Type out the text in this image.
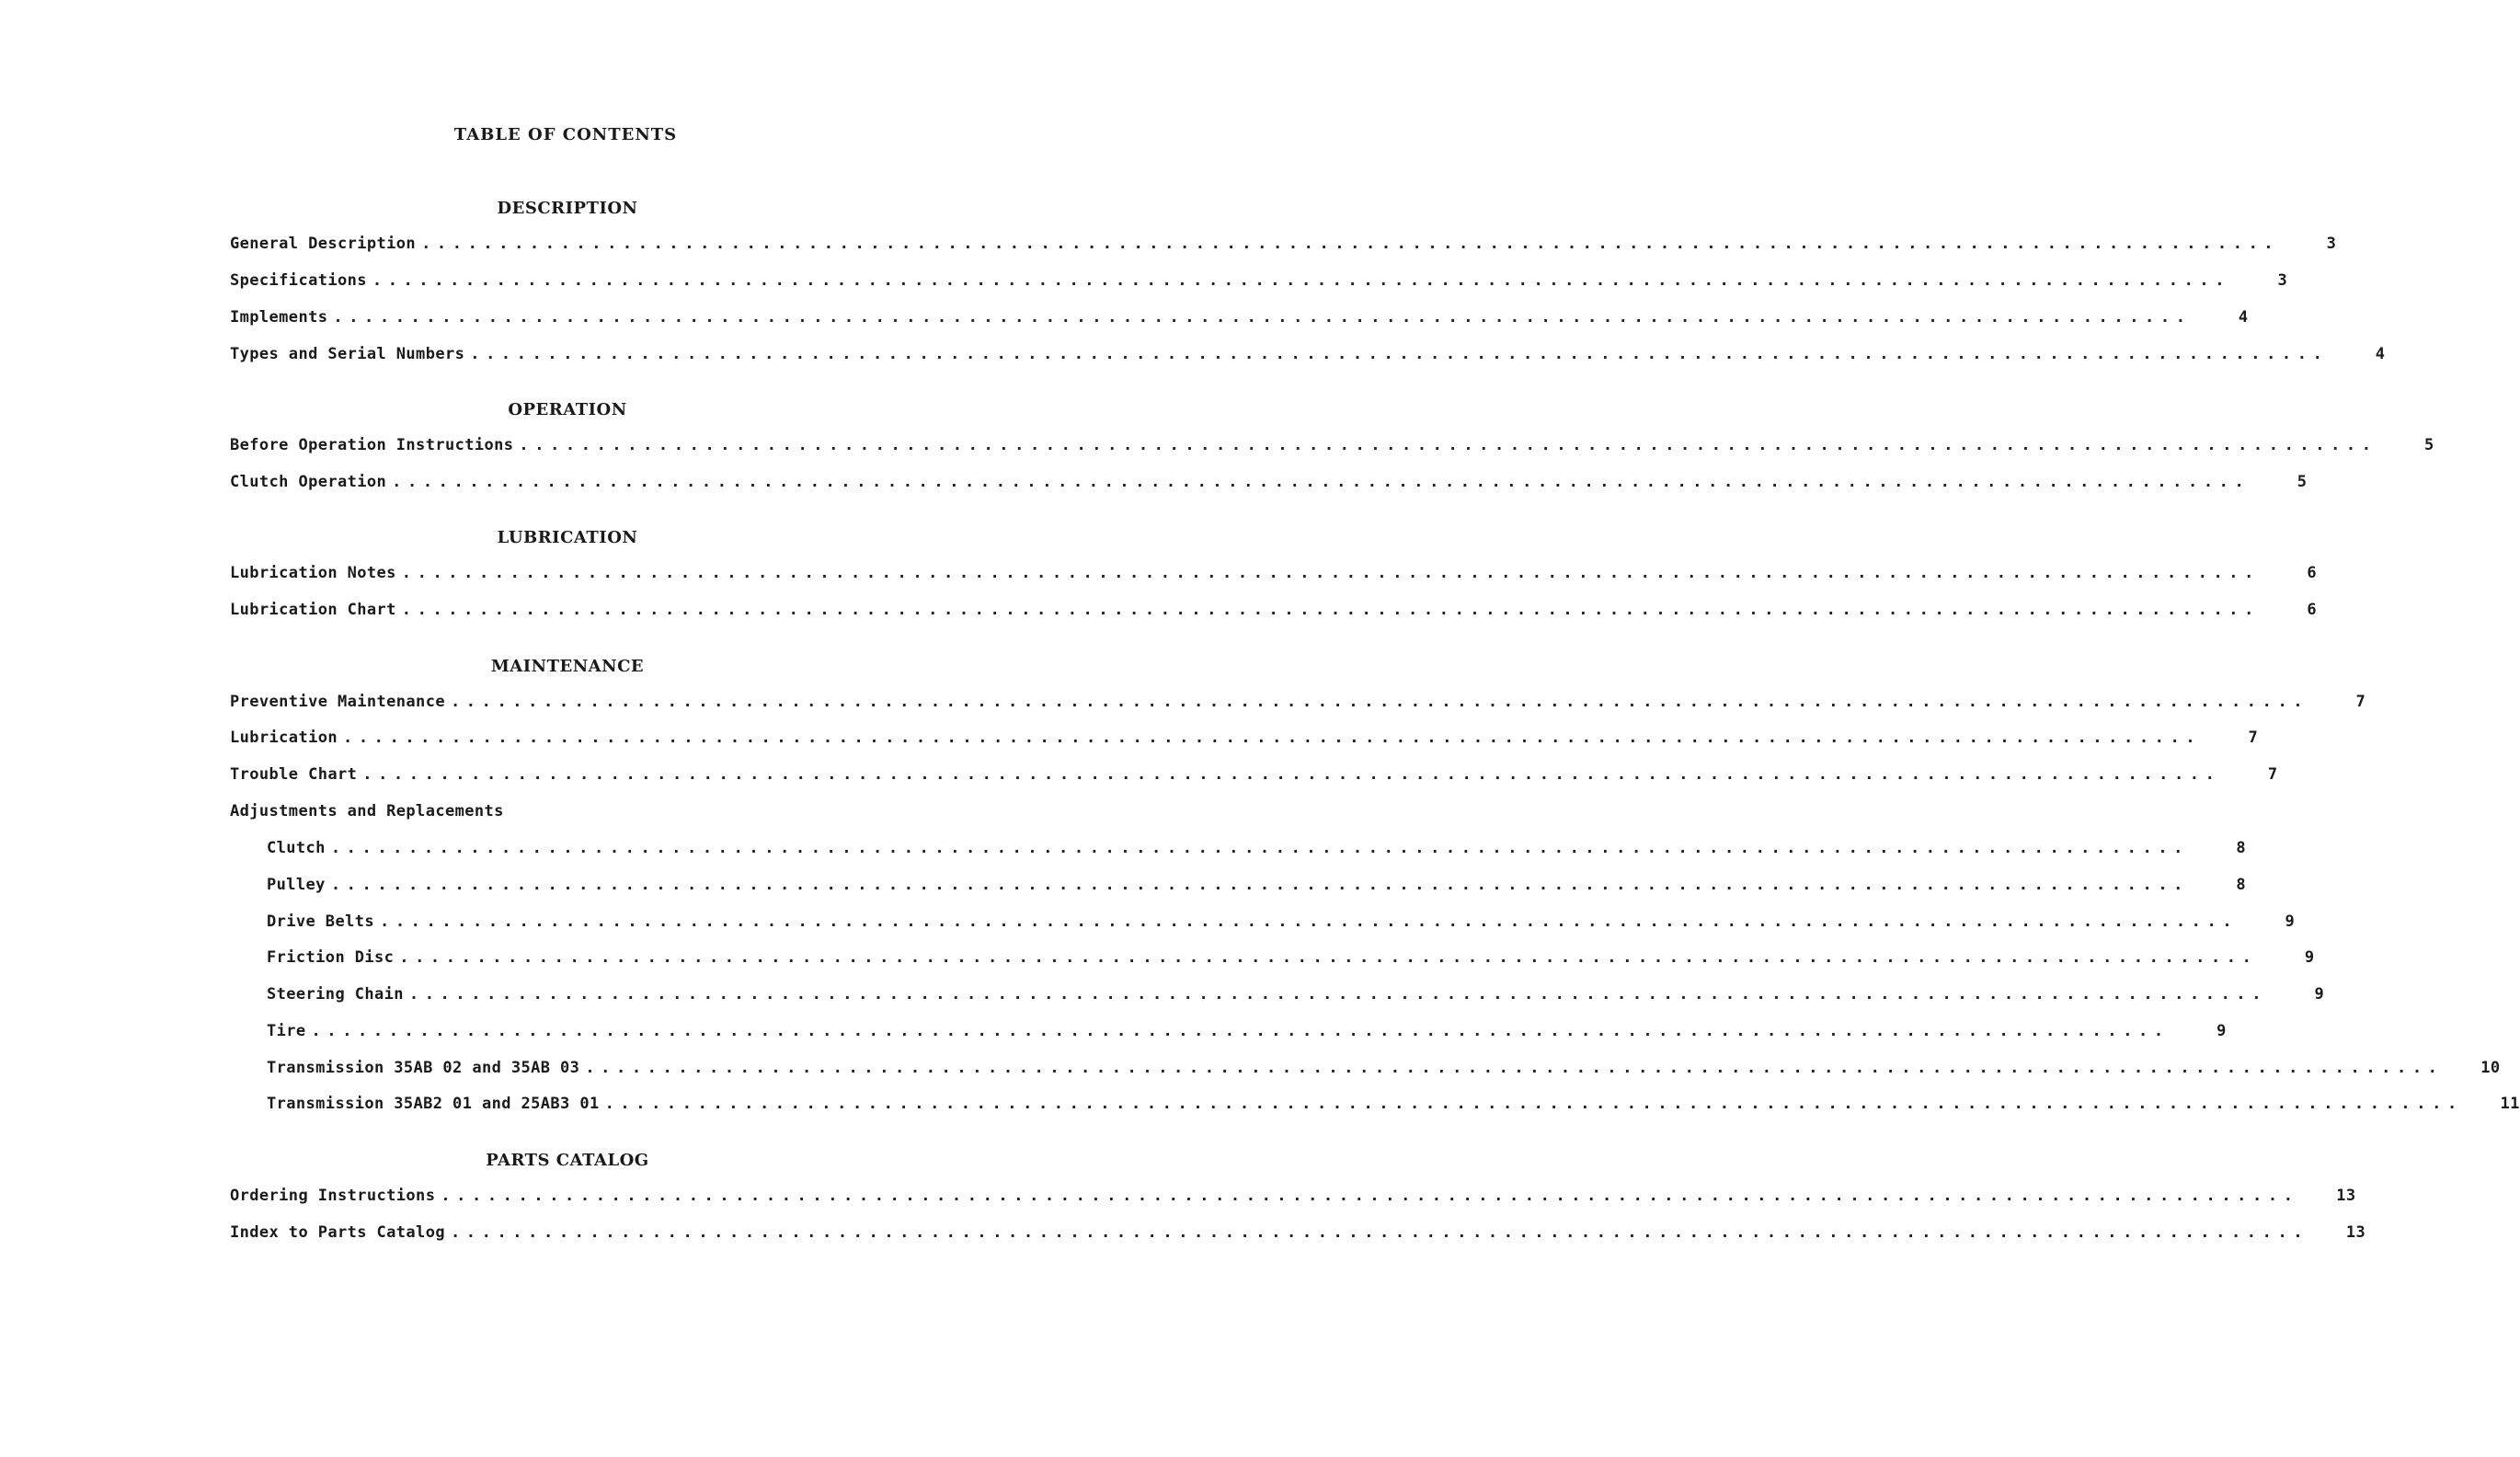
TABLE OF CONTENTS
DESCRIPTION
General Description ........................................................................................................................	3
Specifications ........................................................................................................................	3
Implements ........................................................................................................................	4
Types and Serial Numbers ........................................................................................................................	4
OPERATION
Before Operation Instructions ........................................................................................................................	5
Clutch Operation ........................................................................................................................	5
LUBRICATION
Lubrication Notes ........................................................................................................................	6
Lubrication Chart ........................................................................................................................	6
MAINTENANCE
Preventive Maintenance ........................................................................................................................	7
Lubrication ........................................................................................................................	7
Trouble Chart ........................................................................................................................	7
Adjustments and Replacements
Clutch ........................................................................................................................	8
Pulley ........................................................................................................................	8
Drive Belts ........................................................................................................................	9
Friction Disc ........................................................................................................................	9
Steering Chain ........................................................................................................................	9
Tire ........................................................................................................................	9
Transmission 35AB 02 and 35AB 03 ........................................................................................................................ 10
Transmission 35AB2 01 and 25AB3 01 ........................................................................................................................ 11
PARTS CATALOG
Ordering Instructions ........................................................................................................................ 13
Index to Parts Catalog ........................................................................................................................ 13
